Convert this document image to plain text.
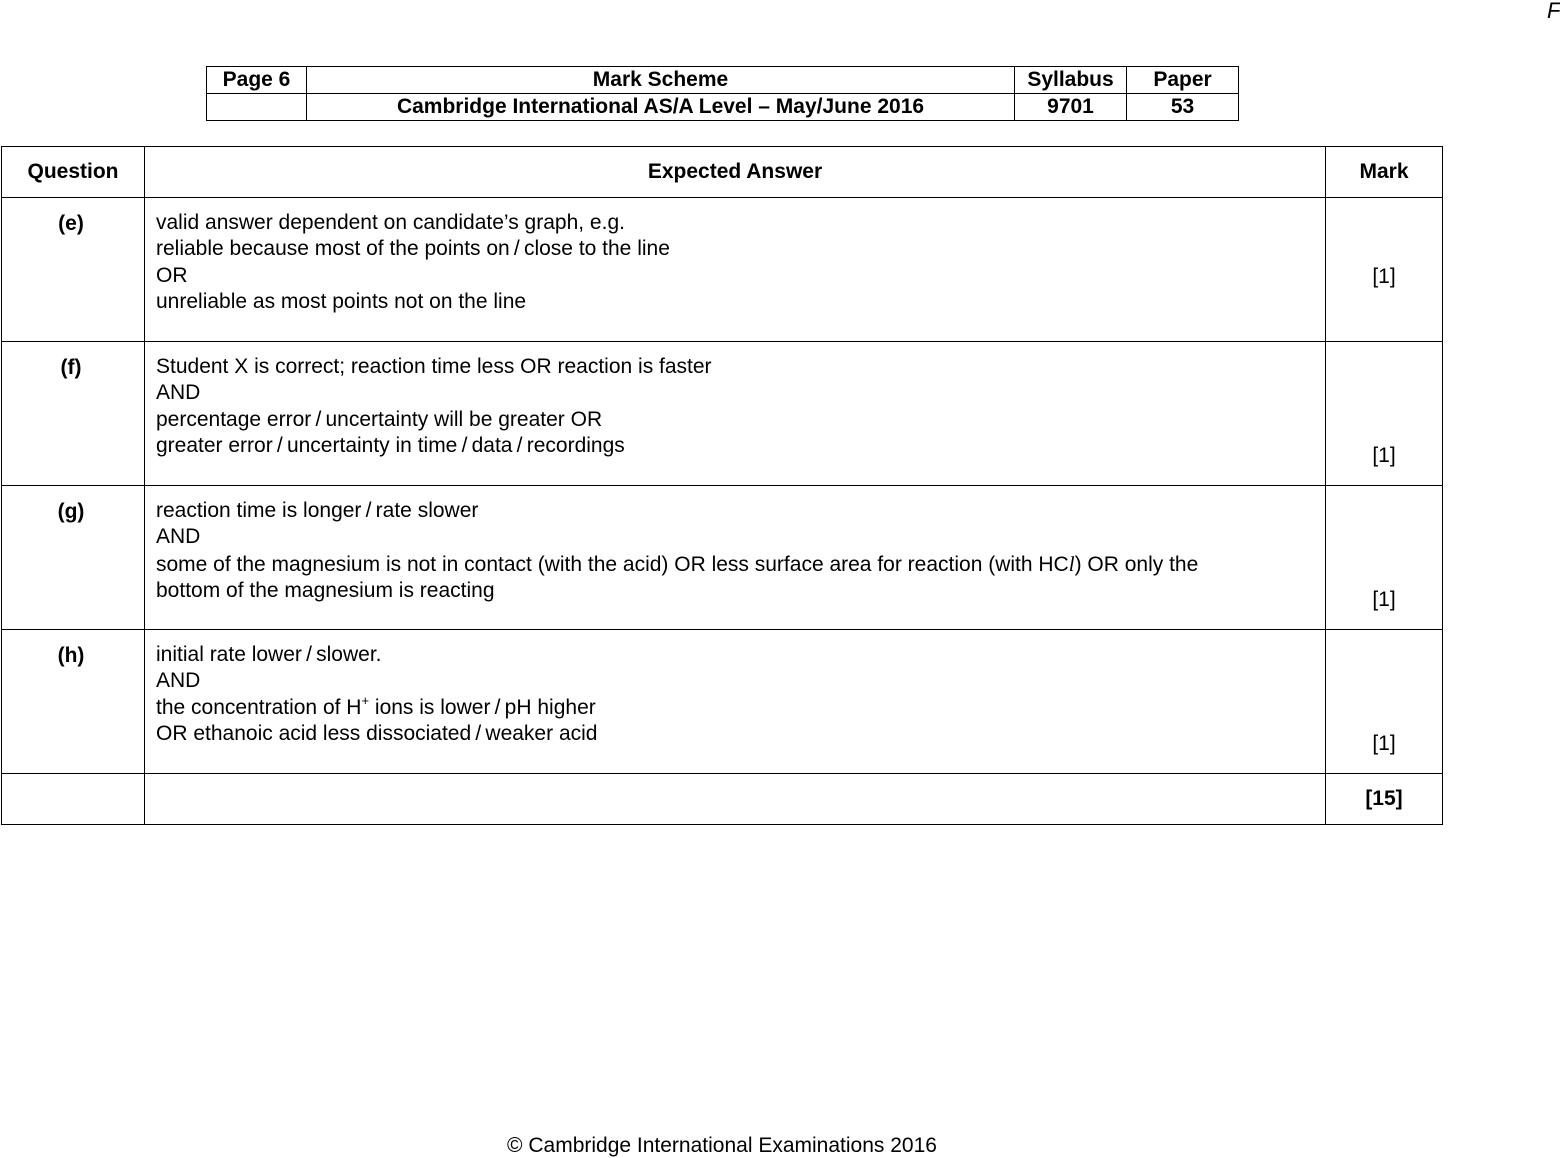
F
Page 6	Mark Scheme	Syllabus	Paper
	Cambridge International AS/A Level – May/June 2016	9701	53
Question	Expected Answer	Mark
(e)	valid answer dependent on candidate’s graph, e.g.
reliable because most of the points on / close to the line
OR
unreliable as most points not on the line	[1]

(f)	Student X is correct; reaction time less OR reaction is faster
AND
percentage error / uncertainty will be greater OR
greater error / uncertainty in time / data / recordings	[1]

(g)	reaction time is longer / rate slower
AND
some of the magnesium is not in contact (with the acid) OR less surface area for reaction (with HCl) OR only the
bottom of the magnesium is reacting	[1]

(h)	initial rate lower / slower.
AND
the concentration of H+ ions is lower / pH higher
OR ethanoic acid less dissociated / weaker acid	[1]

		[15]
© Cambridge International Examinations 2016
